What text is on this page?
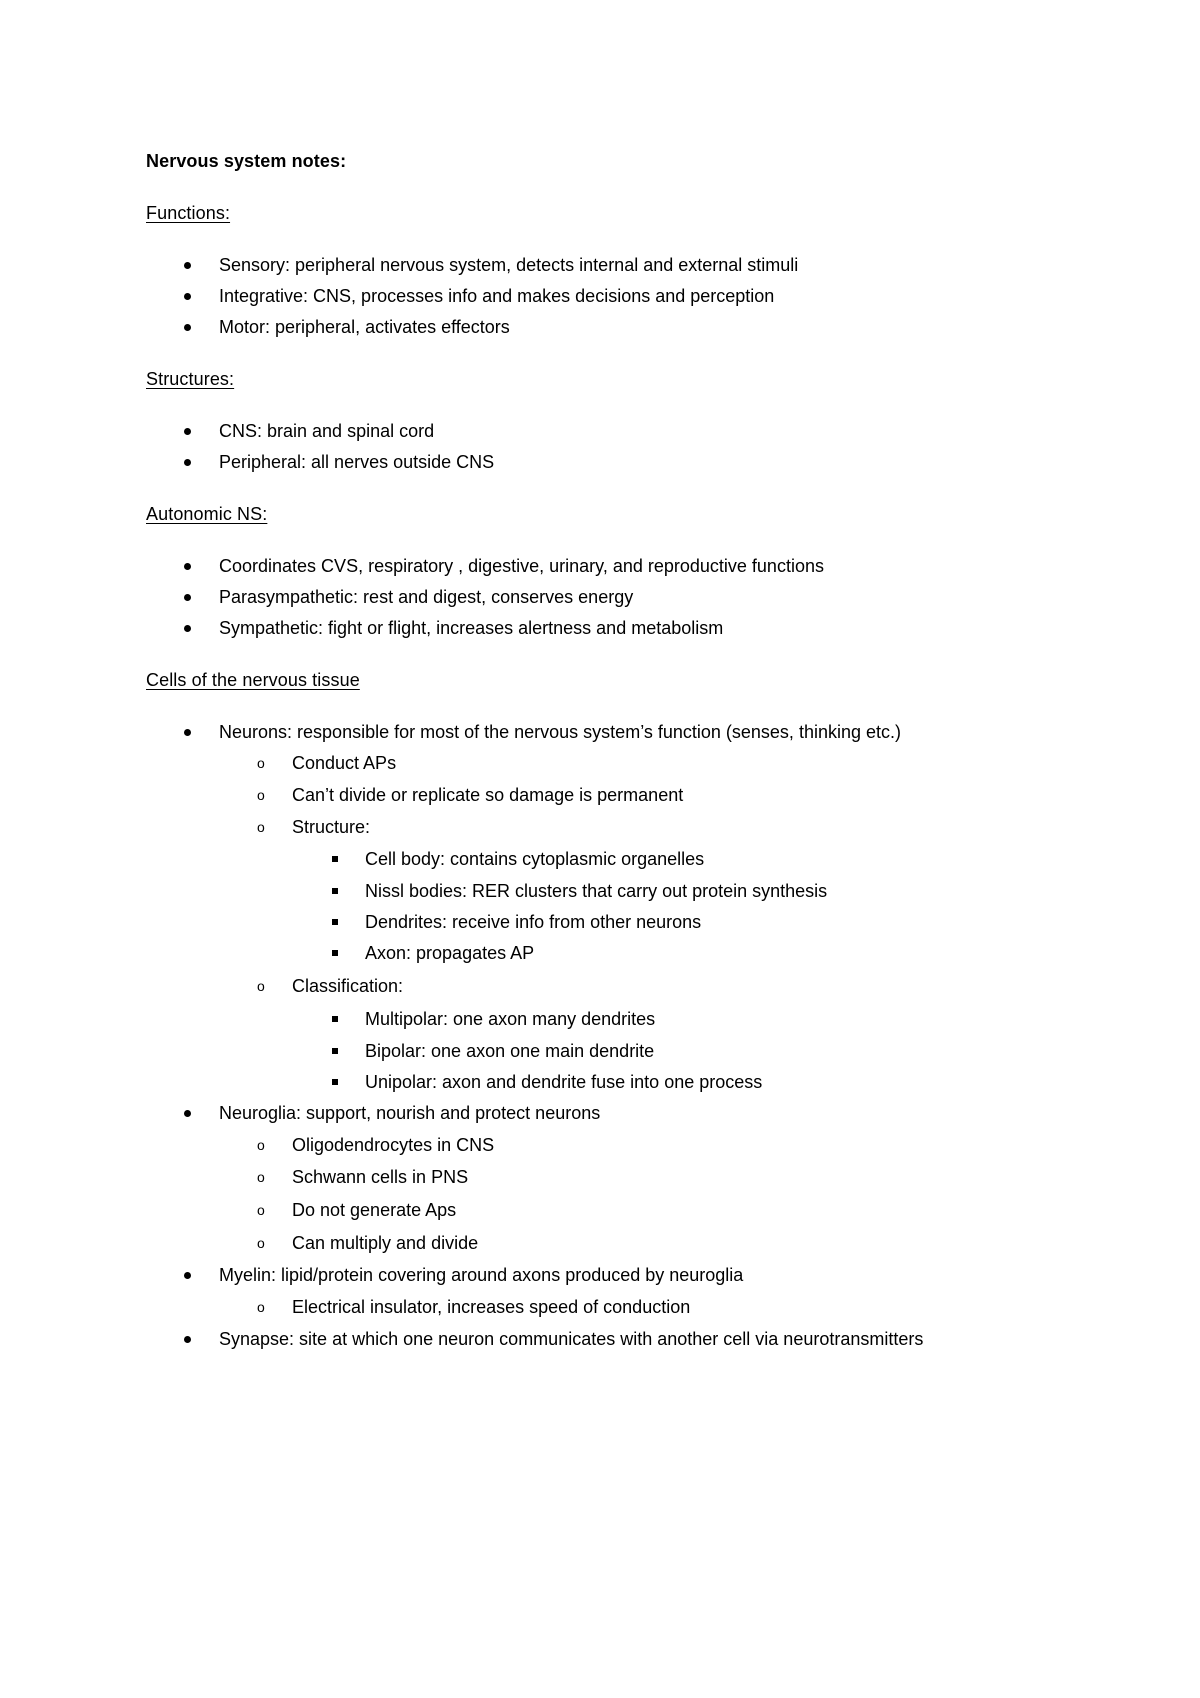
Nervous system notes:
Functions:
Sensory: peripheral nervous system, detects internal and external stimuli
Integrative: CNS, processes info and makes decisions and perception
Motor: peripheral, activates effectors
Structures:
CNS: brain and spinal cord
Peripheral: all nerves outside CNS
Autonomic NS:
Coordinates CVS, respiratory , digestive, urinary, and reproductive functions
Parasympathetic: rest and digest, conserves energy
Sympathetic: fight or flight, increases alertness and metabolism
Cells of the nervous tissue
Neurons: responsible for most of the nervous system’s function (senses, thinking etc.)
o Conduct APs
o Can’t divide or replicate so damage is permanent
o Structure:
Cell body: contains cytoplasmic organelles
Nissl bodies: RER clusters that carry out protein synthesis
Dendrites: receive info from other neurons
Axon: propagates AP
o Classification:
Multipolar: one axon many dendrites
Bipolar: one axon one main dendrite
Unipolar: axon and dendrite fuse into one process
Neuroglia: support, nourish and protect neurons
o Oligodendrocytes in CNS
o Schwann cells in PNS
o Do not generate Aps
o Can multiply and divide
Myelin: lipid/protein covering around axons produced by neuroglia
o Electrical insulator, increases speed of conduction
Synapse: site at which one neuron communicates with another cell via neurotransmitters
